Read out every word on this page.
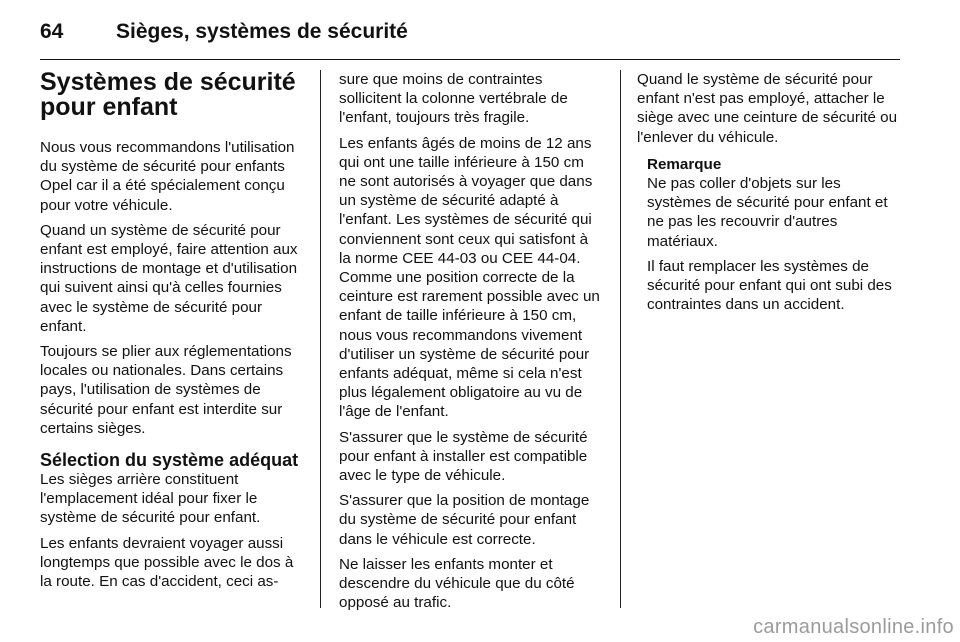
64	Sièges, systèmes de sécurité
Systèmes de sécurité
pour enfant

Nous vous recommandons l'utilisation du système de sécurité pour enfants Opel car il a été spécialement conçu pour votre véhicule.

Quand un système de sécurité pour enfant est employé, faire attention aux instructions de montage et d'utilisation qui suivent ainsi qu'à celles fournies avec le système de sécurité pour enfant.

Toujours se plier aux réglementations locales ou nationales. Dans certains pays, l'utilisation de systèmes de sécurité pour enfant est interdite sur certains sièges.

Sélection du système adéquat

Les sièges arrière constituent l'emplacement idéal pour fixer le système de sécurité pour enfant.

Les enfants devraient voyager aussi longtemps que possible avec le dos à la route. En cas d'accident, ceci as-

sure que moins de contraintes sollicitent la colonne vertébrale de l'enfant, toujours très fragile.

Les enfants âgés de moins de 12 ans qui ont une taille inférieure à 150 cm ne sont autorisés à voyager que dans un système de sécurité adapté à l'enfant. Les systèmes de sécurité qui conviennent sont ceux qui satisfont à la norme CEE 44-03 ou CEE 44-04. Comme une position correcte de la ceinture est rarement possible avec un enfant de taille inférieure à 150 cm, nous vous recommandons vivement d'utiliser un système de sécurité pour enfants adéquat, même si cela n'est plus légalement obligatoire au vu de l'âge de l'enfant.

S'assurer que le système de sécurité pour enfant à installer est compatible avec le type de véhicule.

S'assurer que la position de montage du système de sécurité pour enfant dans le véhicule est correcte.

Ne laisser les enfants monter et descendre du véhicule que du côté opposé au trafic.

Quand le système de sécurité pour enfant n'est pas employé, attacher le siège avec une ceinture de sécurité ou l'enlever du véhicule.

Remarque

Ne pas coller d'objets sur les systèmes de sécurité pour enfant et ne pas les recouvrir d'autres matériaux.

Il faut remplacer les systèmes de sécurité pour enfant qui ont subi des contraintes dans un accident.

carmanualsonline.info
